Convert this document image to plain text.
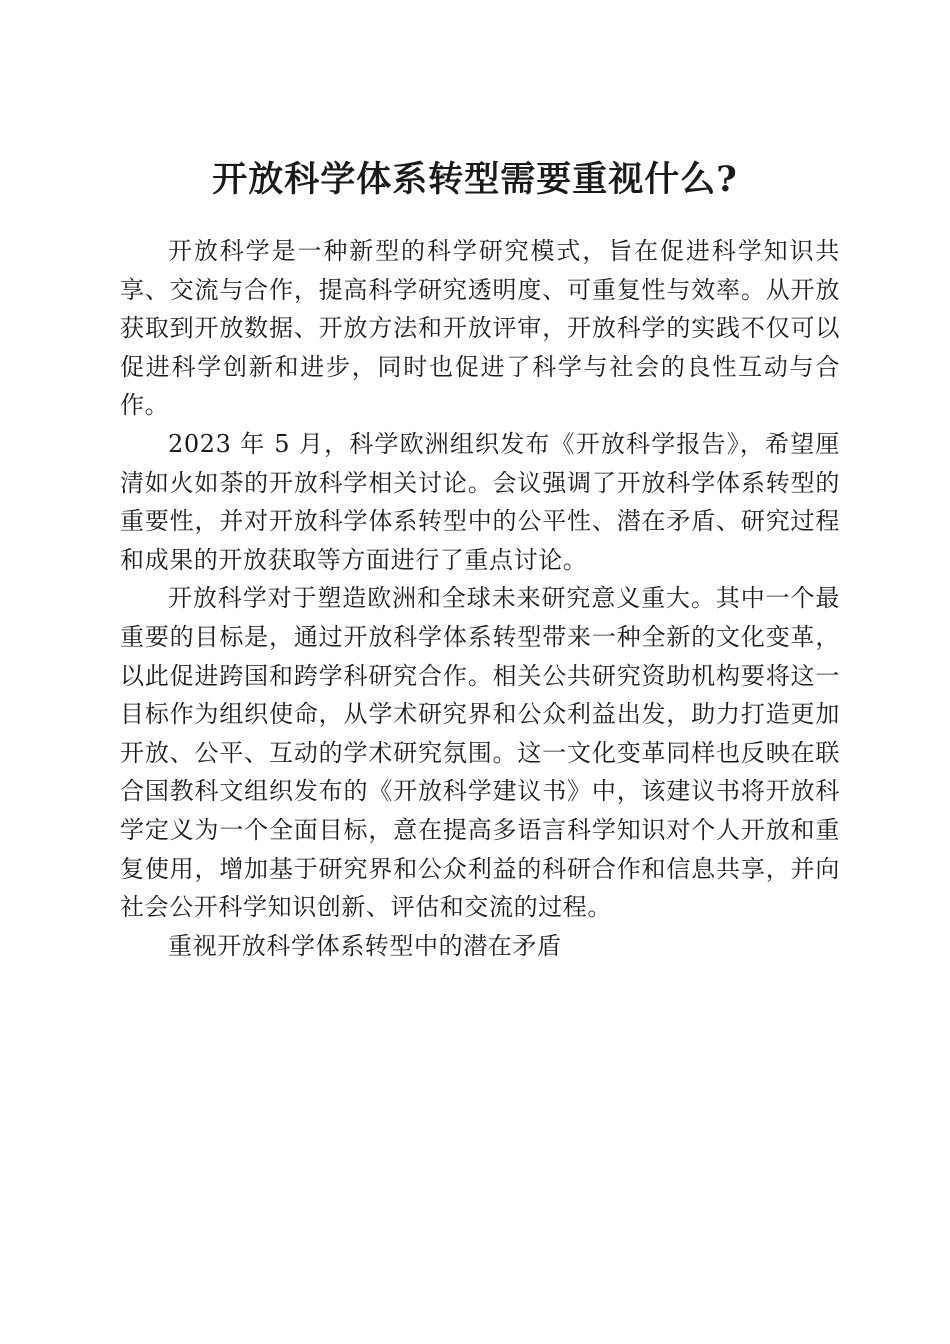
开放科学体系转型需要重视什么?

开放科学是一种新型的科学研究模式，旨在促进科学知识共享、交流与合作，提高科学研究透明度、可重复性与效率。从开放获取到开放数据、开放方法和开放评审，开放科学的实践不仅可以促进科学创新和进步，同时也促进了科学与社会的良性互动与合作。

2023 年 5 月，科学欧洲组织发布《开放科学报告》，希望厘清如火如荼的开放科学相关讨论。会议强调了开放科学体系转型的重要性，并对开放科学体系转型中的公平性、潜在矛盾、研究过程和成果的开放获取等方面进行了重点讨论。

开放科学对于塑造欧洲和全球未来研究意义重大。其中一个最重要的目标是，通过开放科学体系转型带来一种全新的文化变革，以此促进跨国和跨学科研究合作。相关公共研究资助机构要将这一目标作为组织使命，从学术研究界和公众利益出发，助力打造更加开放、公平、互动的学术研究氛围。这一文化变革同样也反映在联合国教科文组织发布的《开放科学建议书》中，该建议书将开放科学定义为一个全面目标，意在提高多语言科学知识对个人开放和重复使用，增加基于研究界和公众利益的科研合作和信息共享，并向社会公开科学知识创新、评估和交流的过程。

重视开放科学体系转型中的潜在矛盾
